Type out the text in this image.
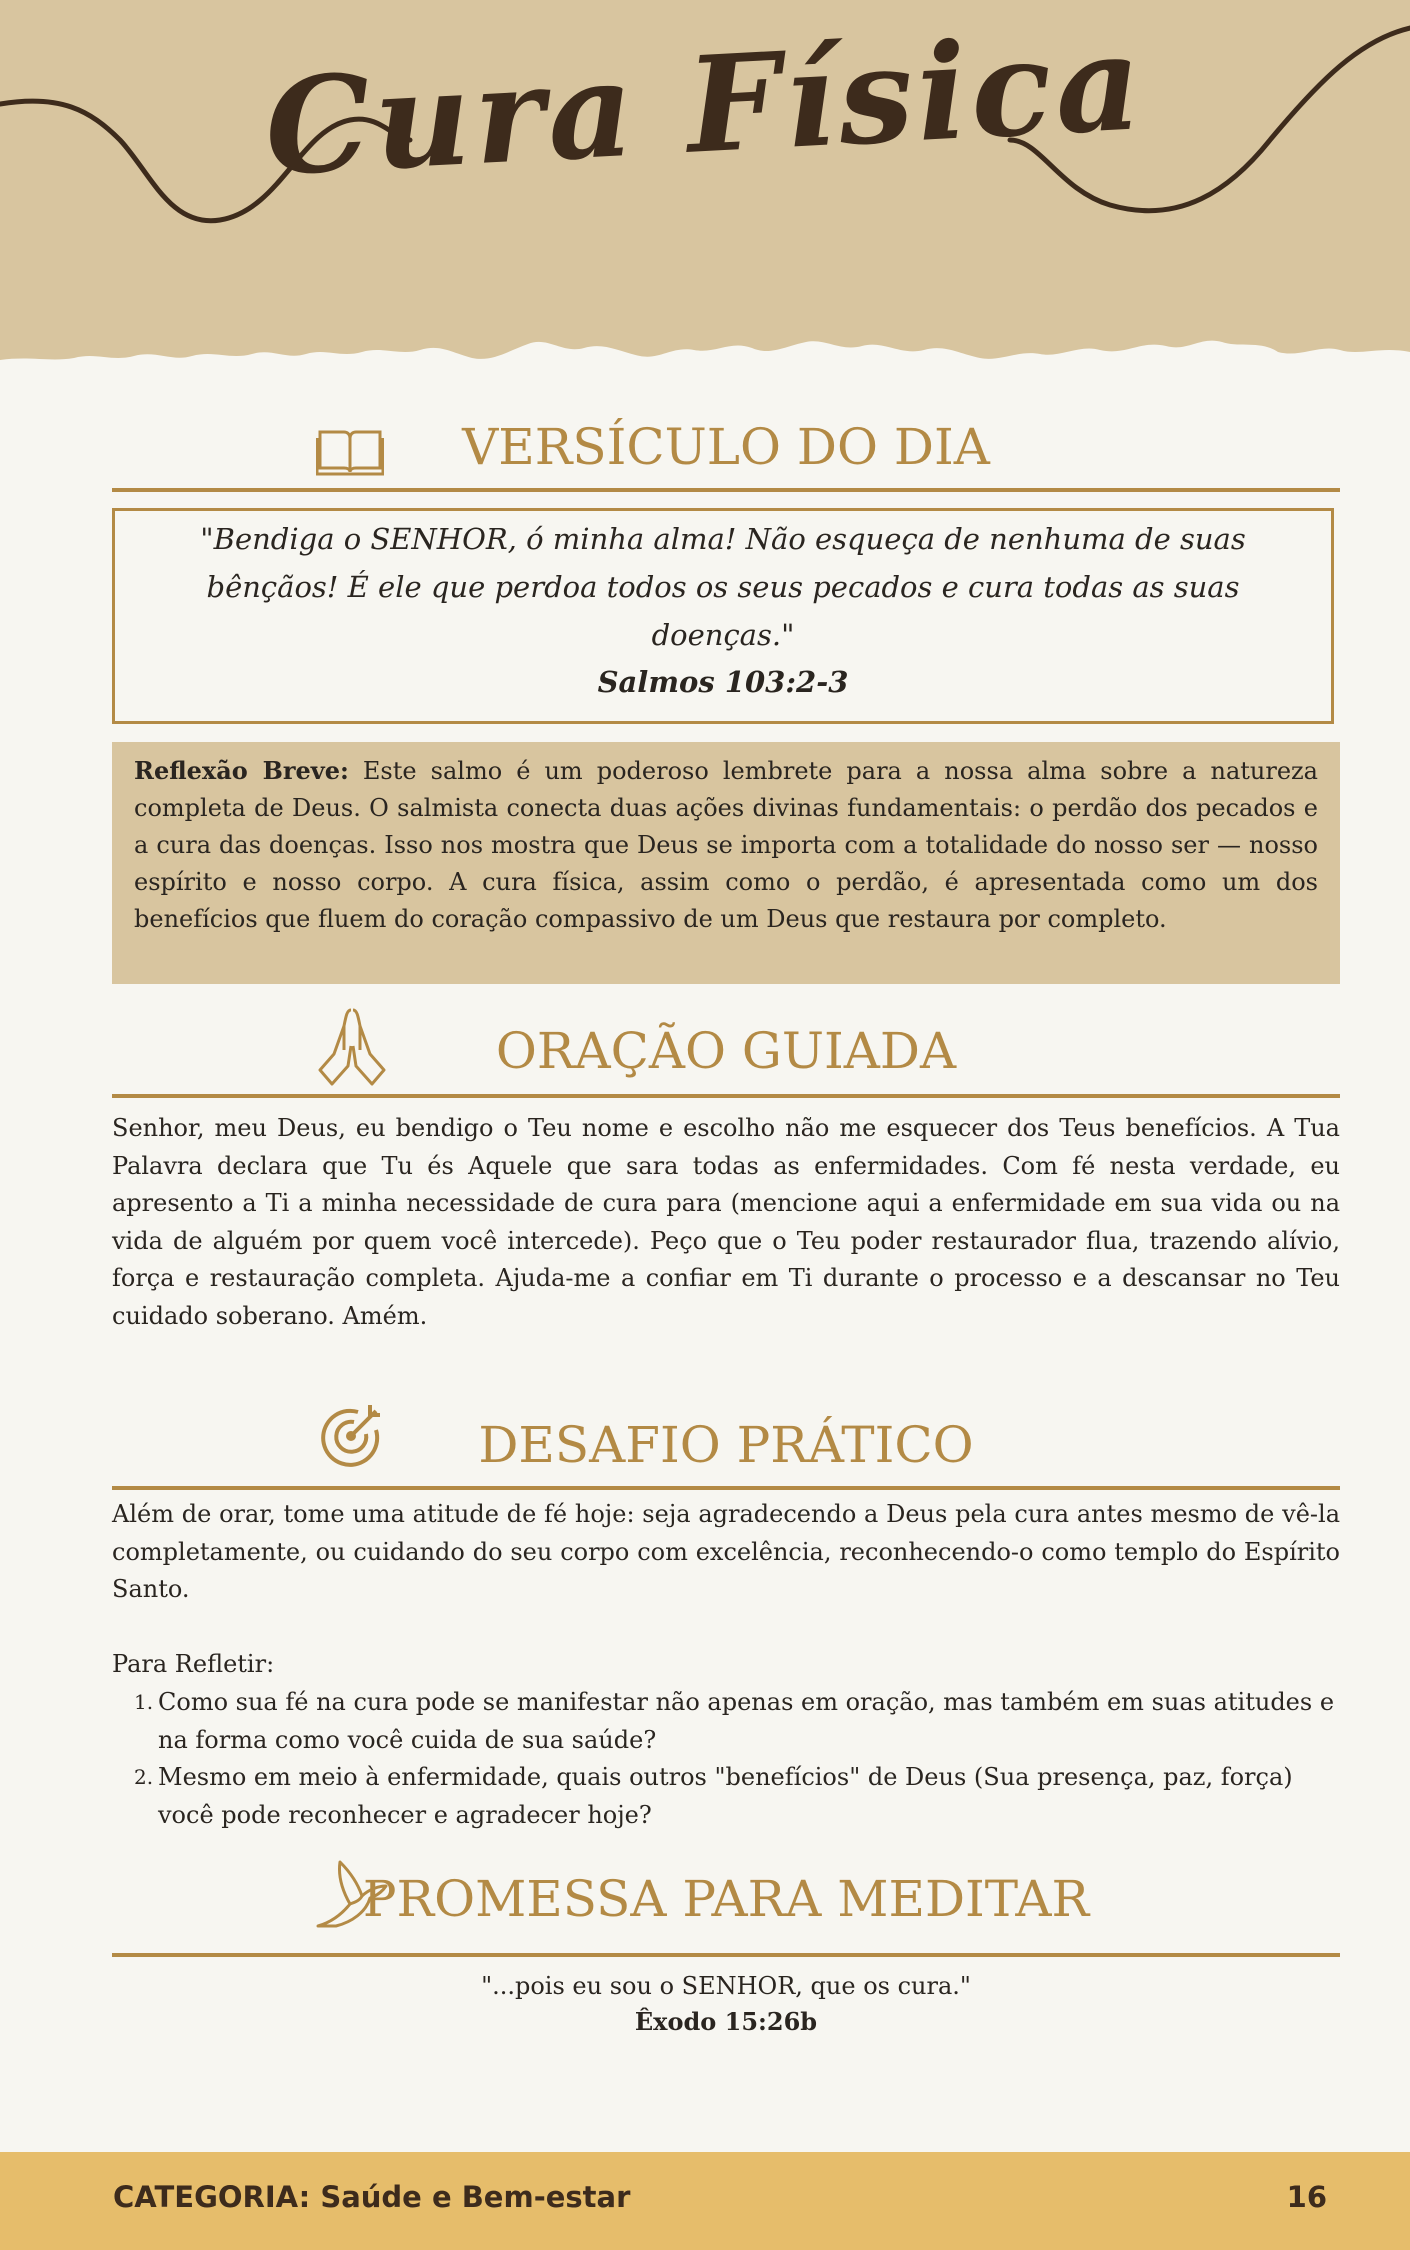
Cura Física
VERSÍCULO DO DIA
"Bendiga o SENHOR, ó minha alma! Não esqueça de nenhuma de suas bênçãos! É ele que perdoa todos os seus pecados e cura todas as suas doenças."
Salmos 103:2-3
Reflexão Breve: Este salmo é um poderoso lembrete para a nossa alma sobre a natureza completa de Deus. O salmista conecta duas ações divinas fundamentais: o perdão dos pecados e a cura das doenças. Isso nos mostra que Deus se importa com a totalidade do nosso ser — nosso espírito e nosso corpo. A cura física, assim como o perdão, é apresentada como um dos benefícios que fluem do coração compassivo de um Deus que restaura por completo.
ORAÇÃO GUIADA
Senhor, meu Deus, eu bendigo o Teu nome e escolho não me esquecer dos Teus benefícios. A Tua Palavra declara que Tu és Aquele que sara todas as enfermidades. Com fé nesta verdade, eu apresento a Ti a minha necessidade de cura para (mencione aqui a enfermidade em sua vida ou na vida de alguém por quem você intercede). Peço que o Teu poder restaurador flua, trazendo alívio, força e restauração completa. Ajuda-me a confiar em Ti durante o processo e a descansar no Teu cuidado soberano. Amém.
DESAFIO PRÁTICO
Além de orar, tome uma atitude de fé hoje: seja agradecendo a Deus pela cura antes mesmo de vê-la completamente, ou cuidando do seu corpo com excelência, reconhecendo-o como templo do Espírito Santo.
Para Refletir:
1. Como sua fé na cura pode se manifestar não apenas em oração, mas também em suas atitudes e na forma como você cuida de sua saúde?
2. Mesmo em meio à enfermidade, quais outros "benefícios" de Deus (Sua presença, paz, força) você pode reconhecer e agradecer hoje?
PROMESSA PARA MEDITAR
"...pois eu sou o SENHOR, que os cura."
Êxodo 15:26b
CATEGORIA: Saúde e Bem-estar	16
